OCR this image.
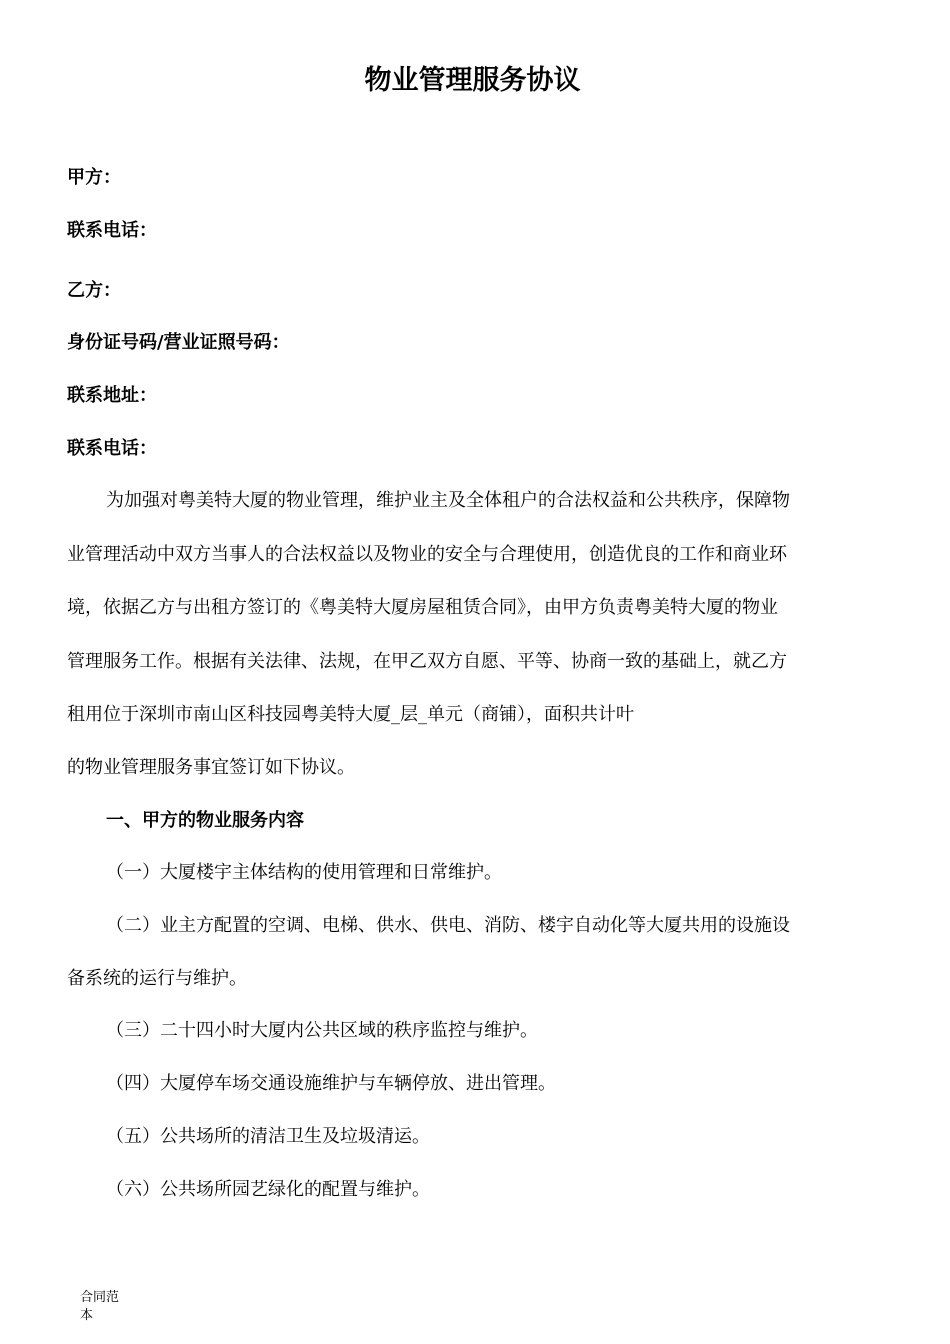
物业管理服务协议
甲方：
联系电话：
乙方：
身份证号码/营业证照号码：
联系地址：
联系电话：
为加强对粤美特大厦的物业管理，维护业主及全体租户的合法权益和公共秩序，保障物
业管理活动中双方当事人的合法权益以及物业的安全与合理使用，创造优良的工作和商业环
境，依据乙方与出租方签订的《粤美特大厦房屋租赁合同》，由甲方负责粤美特大厦的物业
管理服务工作。根据有关法律、法规，在甲乙双方自愿、平等、协商一致的基础上，就乙方
租用位于深圳市南山区科技园粤美特大厦_层_单元（商铺），面积共计叶
的物业管理服务事宜签订如下协议。
一、甲方的物业服务内容
（一）大厦楼宇主体结构的使用管理和日常维护。
（二）业主方配置的空调、电梯、供水、供电、消防、楼宇自动化等大厦共用的设施设
备系统的运行与维护。
（三）二十四小时大厦内公共区域的秩序监控与维护。
（四）大厦停车场交通设施维护与车辆停放、进出管理。
（五）公共场所的清洁卫生及垃圾清运。
（六）公共场所园艺绿化的配置与维护。
合同范本
